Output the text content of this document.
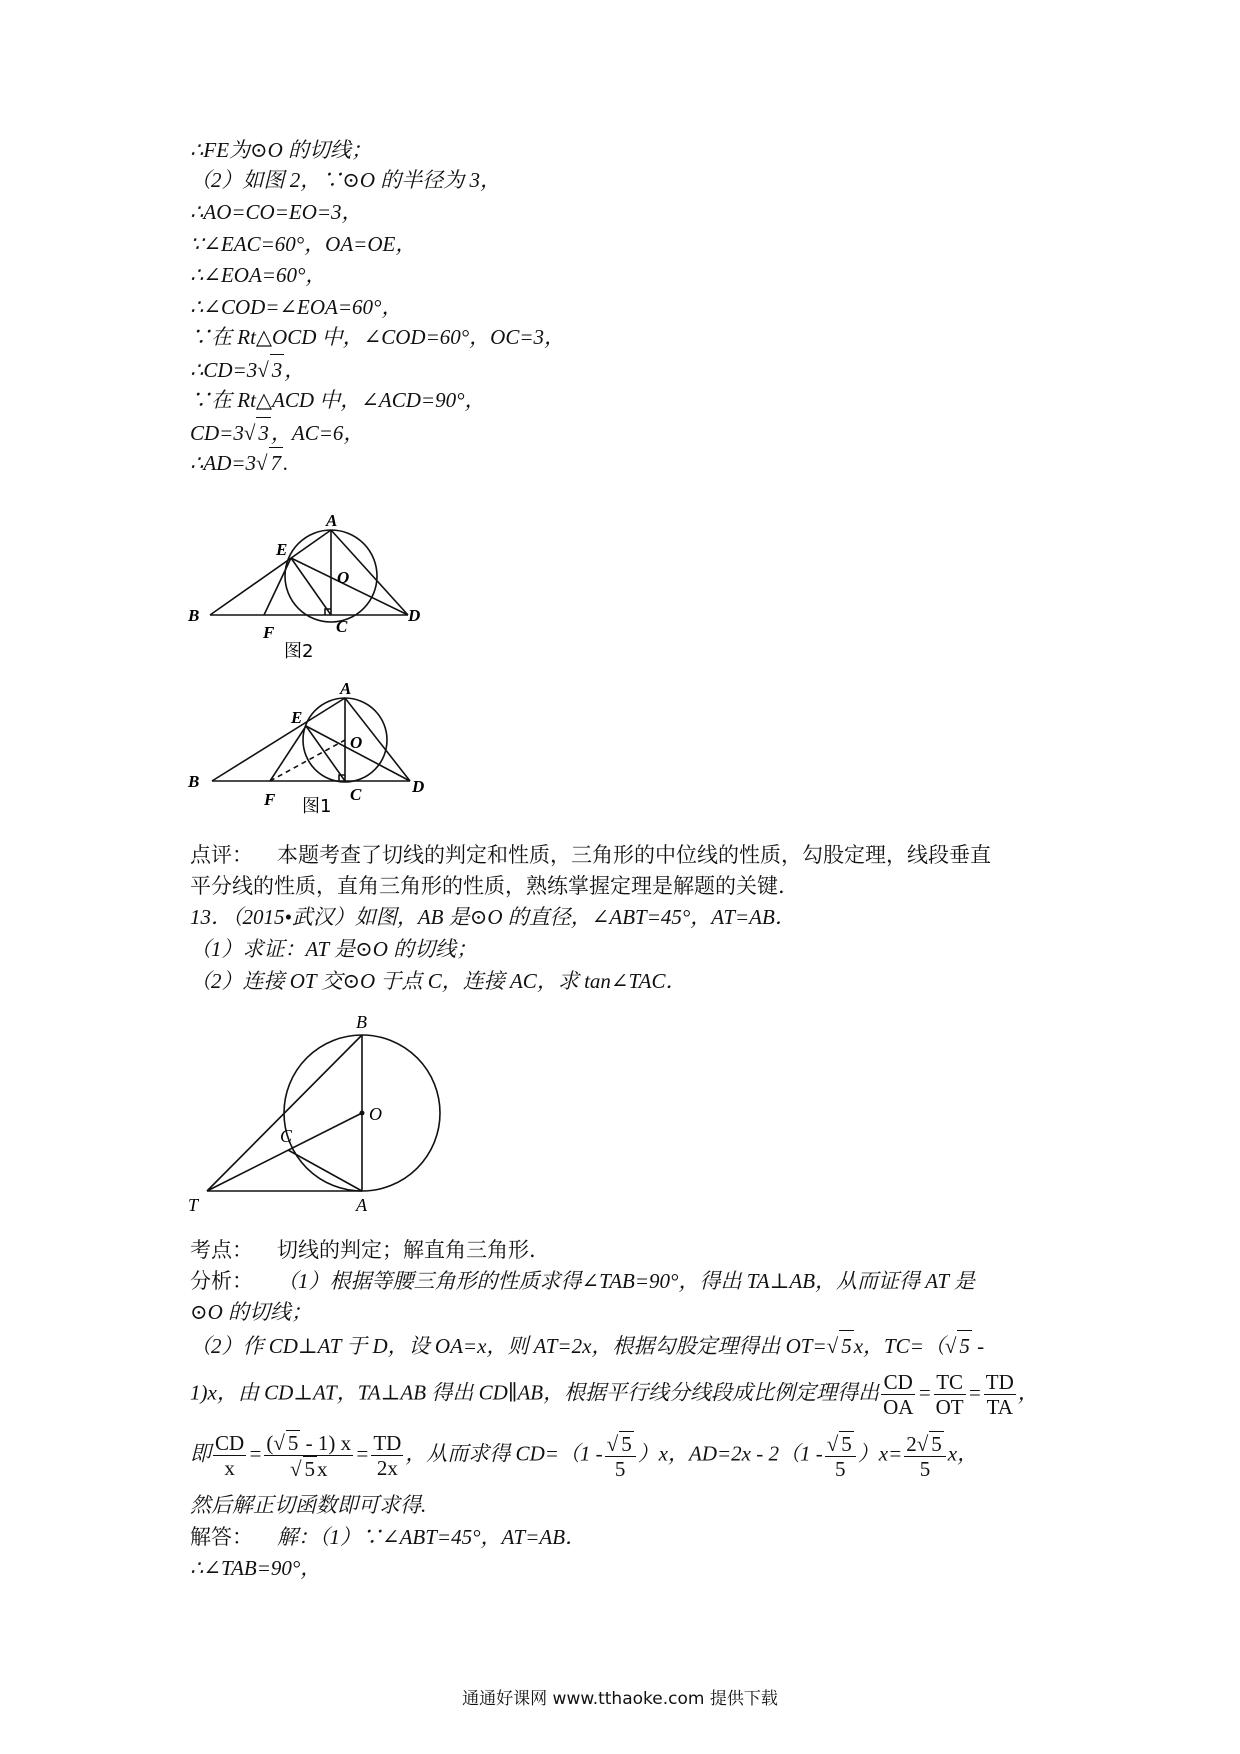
∴FE为⊙O 的切线；
（2）如图 2，∵⊙O 的半径为 3，
∴AO=CO=EO=3，
∵∠EAC=60°，OA=OE，
∴∠EOA=60°，
∴∠COD=∠EOA=60°，
∵在 Rt△OCD 中，∠COD=60°，OC=3，
∴CD=3√ 3，
∵在 Rt△ACD 中，∠ACD=90°，
CD=3√ 3，AC=6，
∴AD=3√ 7.
A
E
O
B
F	C
D
图2
A
E
O
B
F	C	D
图1
点评： 本题考查了切线的判定和性质，三角形的中位线的性质，勾股定理，线段垂直
平分线的性质，直角三角形的性质，熟练掌握定理是解题的关键.
13．（2015•武汉）如图，AB 是⊙O 的直径，∠ABT=45°，AT=AB．
（1）求证：AT 是⊙O 的切线；
（2）连接 OT 交⊙O 于点 C，连接 AC，求 tan∠TAC．
B
O
C
T	A
考点： 切线的判定；解直角三角形.
分析： （1）根据等腰三角形的性质求得∠TAB=90°，得出 TA⊥AB，从而证得 AT 是
⊙O 的切线；
（2）作 CD⊥AT 于 D，设 OA=x，则 AT=2x，根据勾股定理得出 OT=√ 5x，TC=（√ 5 -
1)x，由 CD⊥AT，TA⊥AB 得出 CD∥AB，根据平行线分线段成比例定理得出 $\frac{CD}{OA} = \frac{TC}{OT} = \frac{TD}{TA}$ ，
即 $\frac{CD}{x} = \frac{(√ 5 - 1) x}{√ 5x} = \frac{TD}{2x}$ ，从而求得 $CD=(1 - \frac{√ 5}{5} )x$，$AD=2x - 2(1 - \frac{√ 5}{5} )x= \frac{2√ 5}{5}$ x，
然后解正切函数即可求得.
解答： 解：（1）∵∠ABT=45°，AT=AB．
∴∠TAB=90°，
通通好课网 www.tthaoke.com 提供下载
